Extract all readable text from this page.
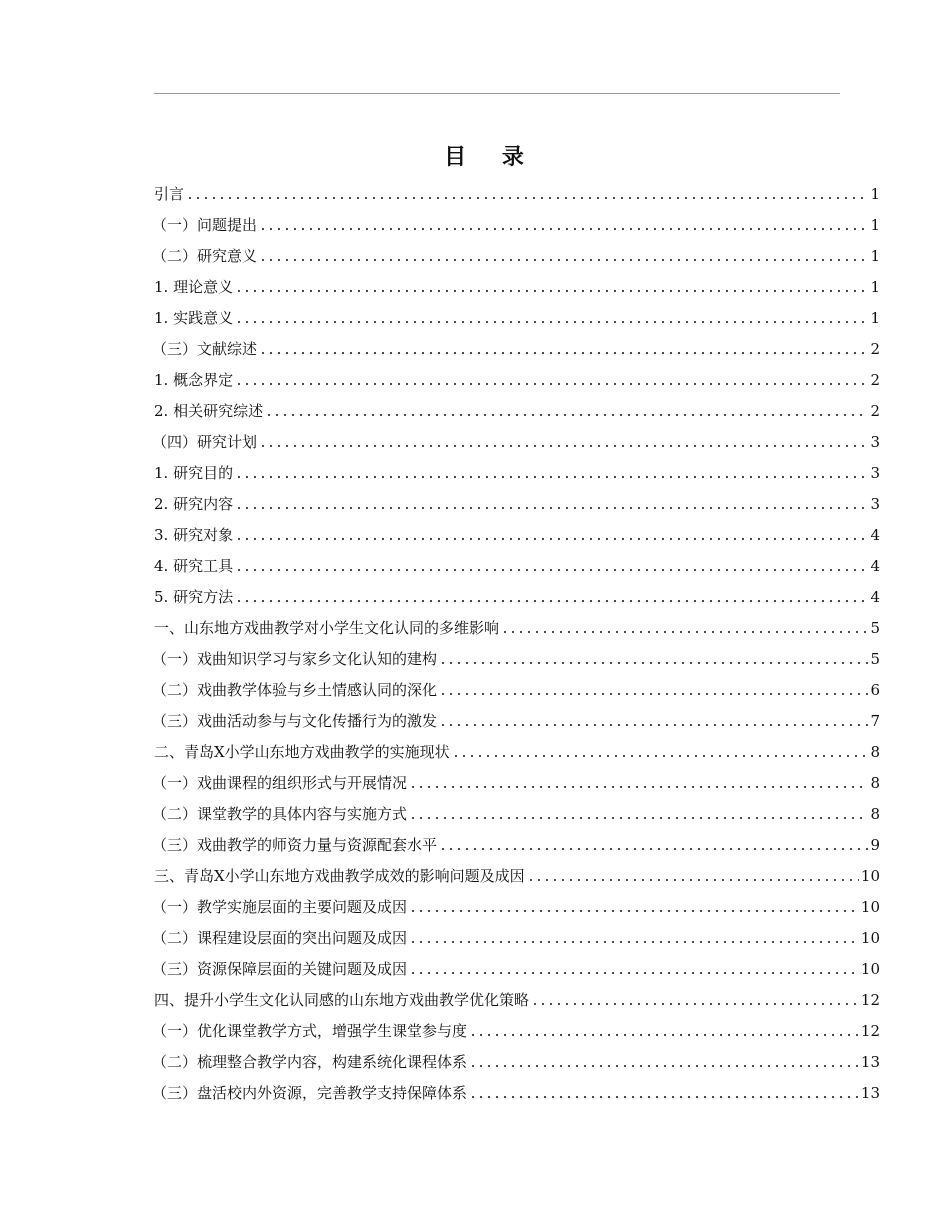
目 录
引言	1
（一）问题提出	1
（二）研究意义	1
1. 理论意义	1
1. 实践意义	1
（三）文献综述	2
1. 概念界定	2
2. 相关研究综述	2
（四）研究计划	3
1. 研究目的	3
2. 研究内容	3
3. 研究对象	4
4. 研究工具	4
5. 研究方法	4
一、山东地方戏曲教学对小学生文化认同的多维影响	5
（一）戏曲知识学习与家乡文化认知的建构	5
（二）戏曲教学体验与乡土情感认同的深化	6
（三）戏曲活动参与与文化传播行为的激发	7
二、青岛X小学山东地方戏曲教学的实施现状	8
（一）戏曲课程的组织形式与开展情况	8
（二）课堂教学的具体内容与实施方式	8
（三）戏曲教学的师资力量与资源配套水平	9
三、青岛X小学山东地方戏曲教学成效的影响问题及成因	10
（一）教学实施层面的主要问题及成因	10
（二）课程建设层面的突出问题及成因	10
（三）资源保障层面的关键问题及成因	10
四、提升小学生文化认同感的山东地方戏曲教学优化策略	12
（一）优化课堂教学方式，增强学生课堂参与度	12
（二）梳理整合教学内容，构建系统化课程体系	13
（三）盘活校内外资源，完善教学支持保障体系	13
